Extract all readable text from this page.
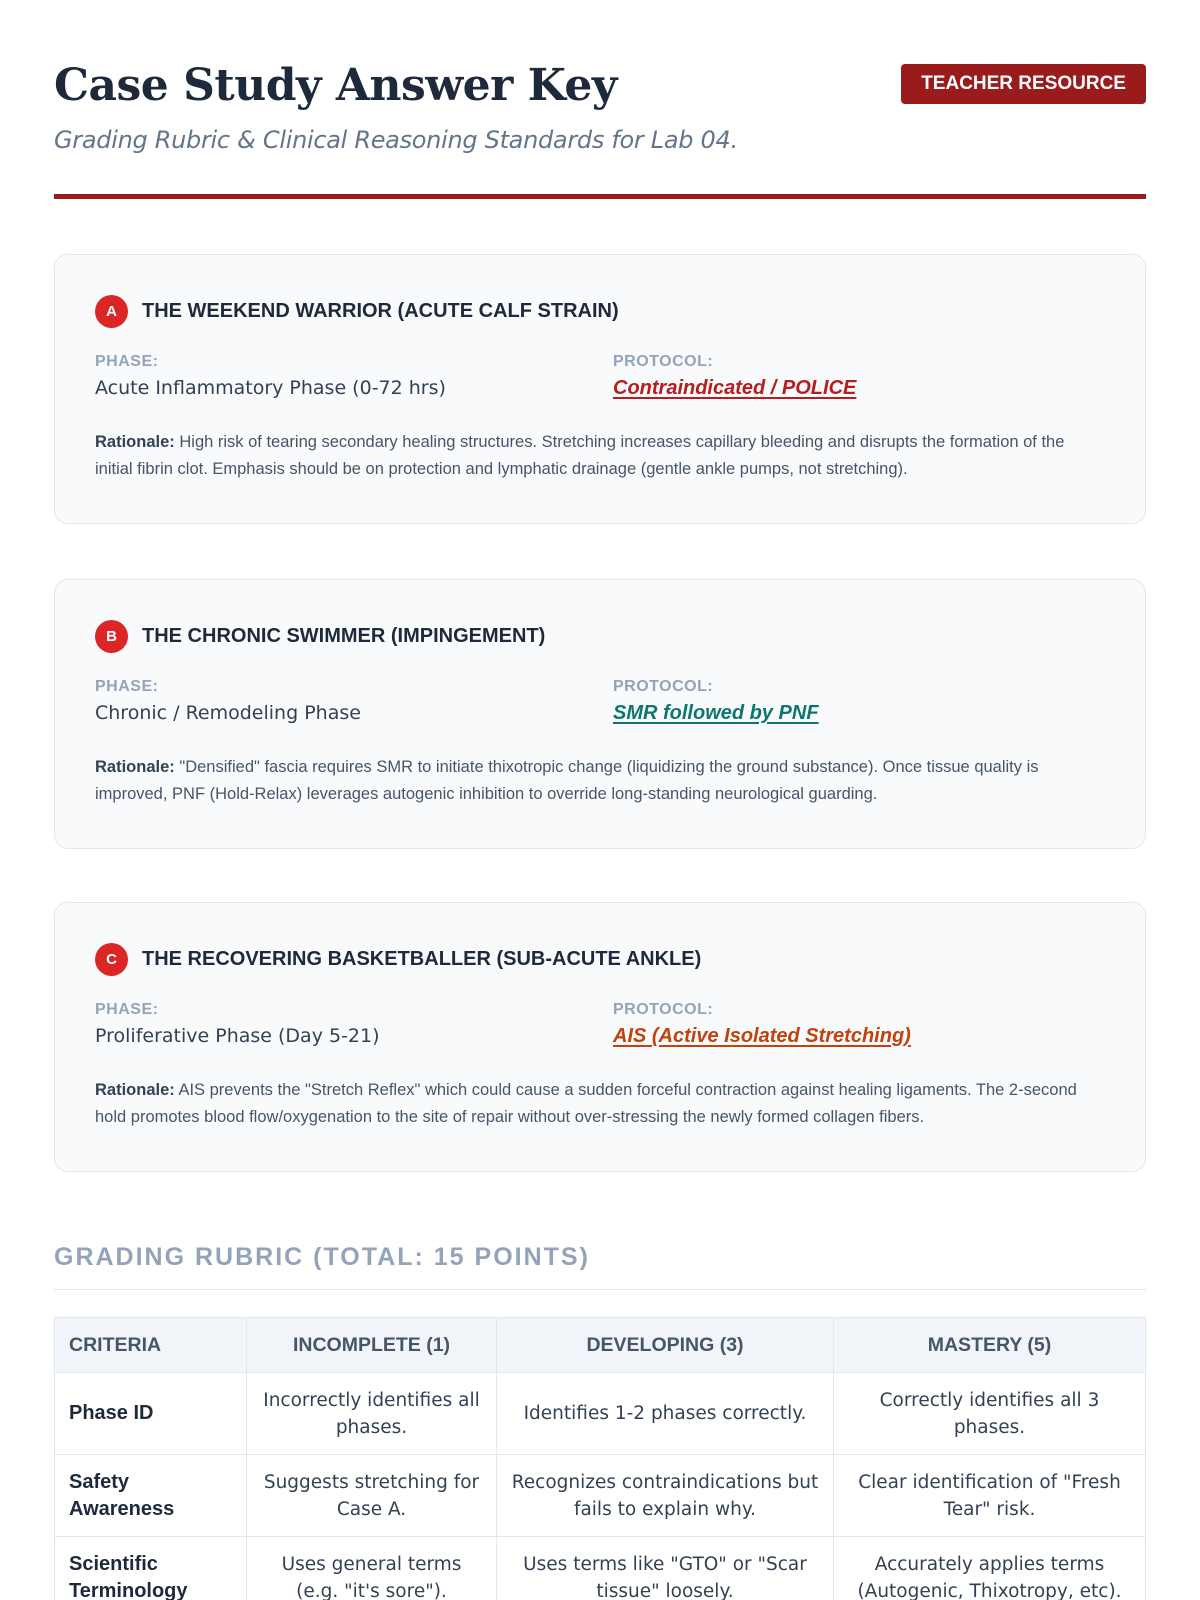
Case Study Answer Key	TEACHER RESOURCE
Grading Rubric & Clinical Reasoning Standards for Lab 04.
A	THE WEEKEND WARRIOR (ACUTE CALF STRAIN)
PHASE:
Acute Inflammatory Phase (0-72 hrs)
PROTOCOL:
Contraindicated / POLICE
Rationale: High risk of tearing secondary healing structures. Stretching increases capillary bleeding and disrupts the formation of the initial fibrin clot. Emphasis should be on protection and lymphatic drainage (gentle ankle pumps, not stretching).
B	THE CHRONIC SWIMMER (IMPINGEMENT)
PHASE:
Chronic / Remodeling Phase
PROTOCOL:
SMR followed by PNF
Rationale: "Densified" fascia requires SMR to initiate thixotropic change (liquidizing the ground substance). Once tissue quality is improved, PNF (Hold-Relax) leverages autogenic inhibition to override long-standing neurological guarding.
C	THE RECOVERING BASKETBALLER (SUB-ACUTE ANKLE)
PHASE:
Proliferative Phase (Day 5-21)
PROTOCOL:
AIS (Active Isolated Stretching)
Rationale: AIS prevents the "Stretch Reflex" which could cause a sudden forceful contraction against healing ligaments. The 2-second hold promotes blood flow/oxygenation to the site of repair without over-stressing the newly formed collagen fibers.
GRADING RUBRIC (TOTAL: 15 POINTS)
CRITERIA	INCOMPLETE (1)	DEVELOPING (3)	MASTERY (5)
Phase ID	Incorrectly identifies all phases.	Identifies 1-2 phases correctly.	Correctly identifies all 3 phases.
Safety Awareness	Suggests stretching for Case A.	Recognizes contraindications but fails to explain why.	Clear identification of "Fresh Tear" risk.
Scientific Terminology	Uses general terms (e.g. "it's sore").	Uses terms like "GTO" or "Scar tissue" loosely.	Accurately applies terms (Autogenic, Thixotropy, etc).
